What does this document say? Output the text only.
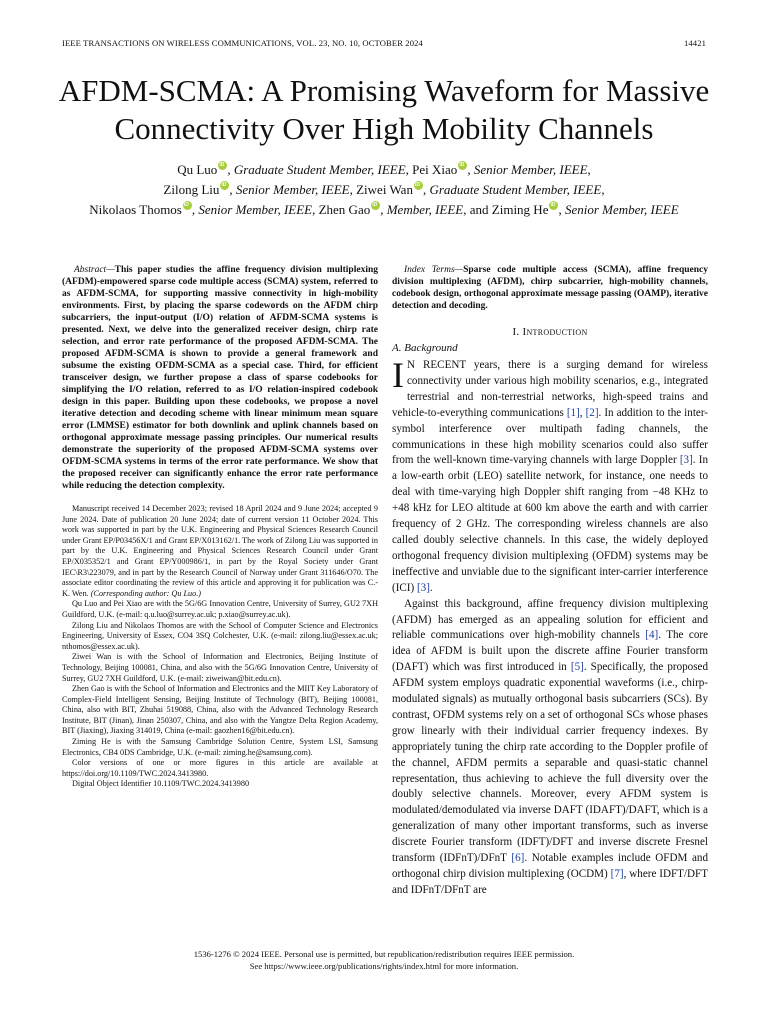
IEEE TRANSACTIONS ON WIRELESS COMMUNICATIONS, VOL. 23, NO. 10, OCTOBER 2024	14421
AFDM-SCMA: A Promising Waveform for Massive
Connectivity Over High Mobility Channels
Qu Luo iD , Graduate Student Member, IEEE, Pei Xiao iD , Senior Member, IEEE,
Zilong Liu iD , Senior Member, IEEE, Ziwei Wan iD , Graduate Student Member, IEEE,
Nikolaos Thomos iD , Senior Member, IEEE, Zhen Gao iD , Member, IEEE, and Ziming He iD , Senior Member, IEEE

Abstract—This paper studies the affine frequency division multiplexing (AFDM)-empowered sparse code multiple access (SCMA) system, referred to as AFDM-SCMA, for supporting massive connectivity in high-mobility environments. First, by placing the sparse codewords on the AFDM chirp subcarriers, the input-output (I/O) relation of AFDM-SCMA systems is presented. Next, we delve into the generalized receiver design, chirp rate selection, and error rate performance of the proposed AFDM-SCMA. The proposed AFDM-SCMA is shown to provide a general framework and subsume the existing OFDM-SCMA as a special case. Third, for efficient transceiver design, we further propose a class of sparse codebooks for simplifying the I/O relation, referred to as I/O relation-inspired codebook design in this paper. Building upon these codebooks, we propose a novel iterative detection and decoding scheme with linear minimum mean square error (LMMSE) estimator for both downlink and uplink channels based on orthogonal approximate message passing principles. Our numerical results demonstrate the superiority of the proposed AFDM-SCMA systems over OFDM-SCMA systems in terms of the error rate performance. We show that the proposed receiver can significantly enhance the error rate performance while reducing the detection complexity.

Manuscript received 14 December 2023; revised 18 April 2024 and 9 June 2024; accepted 9 June 2024. Date of publication 20 June 2024; date of current version 11 October 2024. This work was supported in part by the U.K. Engineering and Physical Sciences Research Council under Grant EP/P03456X/1 and Grant EP/X013162/1. The work of Zilong Liu was supported in part by the U.K. Engineering and Physical Sciences Research Council under Grant EP/X035352/1 and Grant EP/Y000986/1, in part by the Royal Society under Grant IEC\R3\223079, and in part by the Research Council of Norway under Grant 311646/O70. The associate editor coordinating the review of this article and approving it for publication was C.-K. Wen. (Corresponding author: Qu Luo.)

Qu Luo and Pei Xiao are with the 5G/6G Innovation Centre, University of Surrey, GU2 7XH Guildford, U.K. (e-mail: q.u.luo@surrey.ac.uk; p.xiao@surrey.ac.uk).

Zilong Liu and Nikolaos Thomos are with the School of Computer Science and Electronics Engineering, University of Essex, CO4 3SQ Colchester, U.K. (e-mail: zilong.liu@essex.ac.uk; nthomos@essex.ac.uk).

Ziwei Wan is with the School of Information and Electronics, Beijing Institute of Technology, Beijing 100081, China, and also with the 5G/6G Innovation Centre, University of Surrey, GU2 7XH Guildford, U.K. (e-mail: ziweiwan@bit.edu.cn).

Zhen Gao is with the School of Information and Electronics and the MIIT Key Laboratory of Complex-Field Intelligent Sensing, Beijing Institute of Technology (BIT), Beijing 100081, China, also with BIT, Zhuhai 519088, China, also with the Advanced Technology Research Institute, BIT (Jinan), Jinan 250307, China, and also with the Yangtze Delta Region Academy, BIT (Jiaxing), Jiaxing 314019, China (e-mail: gaozhen16@bit.edu.cn).

Ziming He is with the Samsung Cambridge Solution Centre, System LSI, Samsung Electronics, CB4 0DS Cambridge, U.K. (e-mail: ziming.he@samsung.com).

Color versions of one or more figures in this article are available at https://doi.org/10.1109/TWC.2024.3413980.

Digital Object Identifier 10.1109/TWC.2024.3413980

Index Terms—Sparse code multiple access (SCMA), affine frequency division multiplexing (AFDM), chirp subcarrier, high-mobility channels, codebook design, orthogonal approximate message passing (OAMP), iterative detection and decoding.

I. Introduction
A. Background

I N RECENT years, there is a surging demand for wireless connectivity under various high mobility scenarios, e.g., integrated terrestrial and non-terrestrial networks, high-speed trains and vehicle-to-everything communications [1], [2]. In addition to the inter-symbol interference over multipath fading channels, the communications in these high mobility scenarios could also suffer from the well-known time-varying channels with large Doppler [3]. In a low-earth orbit (LEO) satellite network, for instance, one needs to deal with time-varying high Doppler shift ranging from −48 KHz to +48 kHz for LEO altitude at 600 km above the earth and with carrier frequency of 2 GHz. The corresponding wireless channels are also called doubly selective channels. In this case, the widely deployed orthogonal frequency division multiplexing (OFDM) systems may be ineffective and unviable due to the significant inter-carrier interference (ICI) [3].

Against this background, affine frequency division multiplexing (AFDM) has emerged as an appealing solution for efficient and reliable communications over high-mobility channels [4]. The core idea of AFDM is built upon the discrete affine Fourier transform (DAFT) which was first introduced in [5]. Specifically, the proposed AFDM system employs quadratic exponential waveforms (i.e., chirp-modulated signals) as mutually orthogonal basis subcarriers (SCs). By contrast, OFDM systems rely on a set of orthogonal SCs whose phases grow linearly with their individual carrier frequency indexes. By appropriately tuning the chirp rate according to the Doppler profile of the channel, AFDM permits a separable and quasi-static channel representation, thus achieving to achieve the full diversity over the doubly selective channels. Moreover, every AFDM system is modulated/demodulated via inverse DAFT (IDAFT)/DAFT, which is a generalization of many other important transforms, such as inverse discrete Fourier transform (IDFT)/DFT and inverse discrete Fresnel transform (IDFnT)/DFnT [6]. Notable examples include OFDM and orthogonal chirp division multiplexing (OCDM) [7], where IDFT/DFT and IDFnT/DFnT are

1536-1276 © 2024 IEEE. Personal use is permitted, but republication/redistribution requires IEEE permission.
See https://www.ieee.org/publications/rights/index.html for more information.
